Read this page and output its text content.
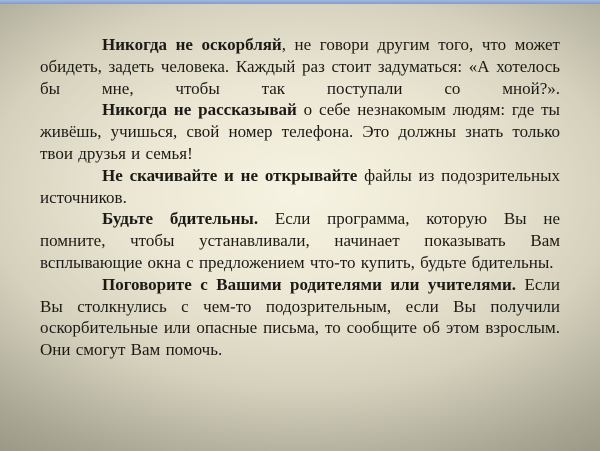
Никогда не оскорбляй, не говори другим того, что может обидеть, задеть человека. Каждый раз стоит задуматься: «А хотелось бы мне, чтобы так поступали со мной?».

Никогда не рассказывай о себе незнакомым людям: где ты живёшь, учишься, свой номер телефона. Это должны знать только твои друзья и семья!

Не скачивайте и не открывайте файлы из подозрительных источников.

Будьте бдительны. Если программа, которую Вы не помните, чтобы устанавливали, начинает показывать Вам всплывающие окна с предложением что-то купить, будьте бдительны.

Поговорите с Вашими родителями или учителями. Если Вы столкнулись с чем-то подозрительным, если Вы получили оскорбительные или опасные письма, то сообщите об этом взрослым. Они смогут Вам помочь.
